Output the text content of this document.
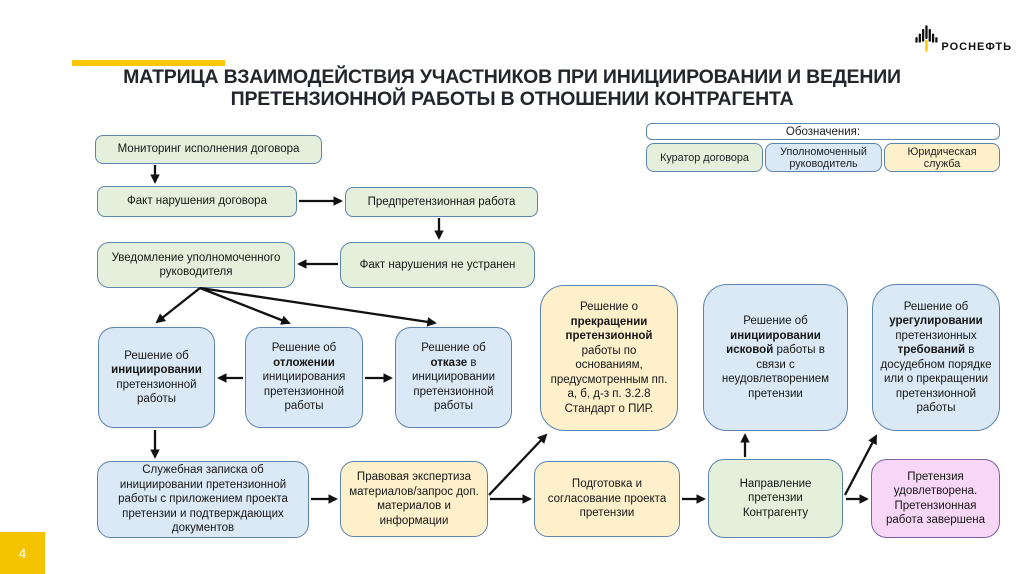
МАТРИЦА ВЗАИМОДЕЙСТВИЯ УЧАСТНИКОВ ПРИ ИНИЦИИРОВАНИИ И ВЕДЕНИИ
ПРЕТЕНЗИОННОЙ РАБОТЫ В ОТНОШЕНИИ КОНТРАГЕНТА
РОСНЕФТЬ
Обозначения:
Куратор договора	Уполномоченный руководитель
Юридическая служба
Мониторинг исполнения договора
Факт нарушения договора	Предпретензионная работа
Уведомление уполномоченного руководителя
Факт нарушения не устранен
Решение об инициировании претензионной работы
Решение об отложении инициирования претензионной работы
Решение об отказе в инициировании претензионной работы
Решение о прекращении претензионной работы по основаниям, предусмотренным пп. а, б, д-з п. 3.2.8 Стандарт о ПИР.
Решение об инициировании исковой работы в связи с неудовлетворением претензии
Решение об урегулировании претензионных требований в досудебном порядке или о прекращении претензионной работы
Служебная записка об инициировании претензионной работы с приложением проекта претензии и подтверждающих документов
Правовая экспертиза материалов/запрос доп. материалов и информации
Подготовка и согласование проекта претензии
Направление претензии Контрагенту
Претензия удовлетворена. Претензионная работа завершена
4
